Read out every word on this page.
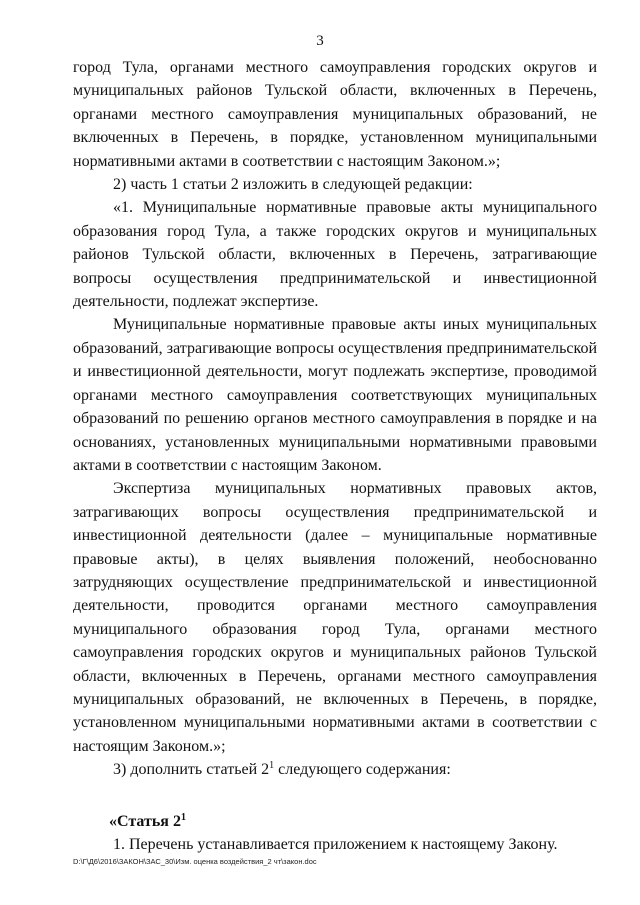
3

город Тула, органами местного самоуправления городских округов и муниципальных районов Тульской области, включенных в Перечень, органами местного самоуправления муниципальных образований, не включенных в Перечень, в порядке, установленном муниципальными нормативными актами в соответствии с настоящим Законом.»;

2) часть 1 статьи 2 изложить в следующей редакции:

«1. Муниципальные нормативные правовые акты муниципального образования город Тула, а также городских округов и муниципальных районов Тульской области, включенных в Перечень, затрагивающие вопросы осуществления предпринимательской и инвестиционной деятельности, подлежат экспертизе.

Муниципальные нормативные правовые акты иных муниципальных образований, затрагивающие вопросы осуществления предпринимательской и инвестиционной деятельности, могут подлежать экспертизе, проводимой органами местного самоуправления соответствующих муниципальных образований по решению органов местного самоуправления в порядке и на основаниях, установленных муниципальными нормативными правовыми актами в соответствии с настоящим Законом.

Экспертиза муниципальных нормативных правовых актов, затрагивающих вопросы осуществления предпринимательской и инвестиционной деятельности (далее – муниципальные нормативные правовые акты), в целях выявления положений, необоснованно затрудняющих осуществление предпринимательской и инвестиционной деятельности, проводится органами местного самоуправления муниципального образования город Тула, органами местного самоуправления городских округов и муниципальных районов Тульской области, включенных в Перечень, органами местного самоуправления муниципальных образований, не включенных в Перечень, в порядке, установленном муниципальными нормативными актами в соответствии с настоящим Законом.»;

3) дополнить статьей $2^1$ следующего содержания:

«Статья $2^1$

1. Перечень устанавливается приложением к настоящему Закону.

D:\Г\Д6\2016\ЗАКОН\ЗАС_30\Изм. оценка воздействия_2 чт\закон.doc
